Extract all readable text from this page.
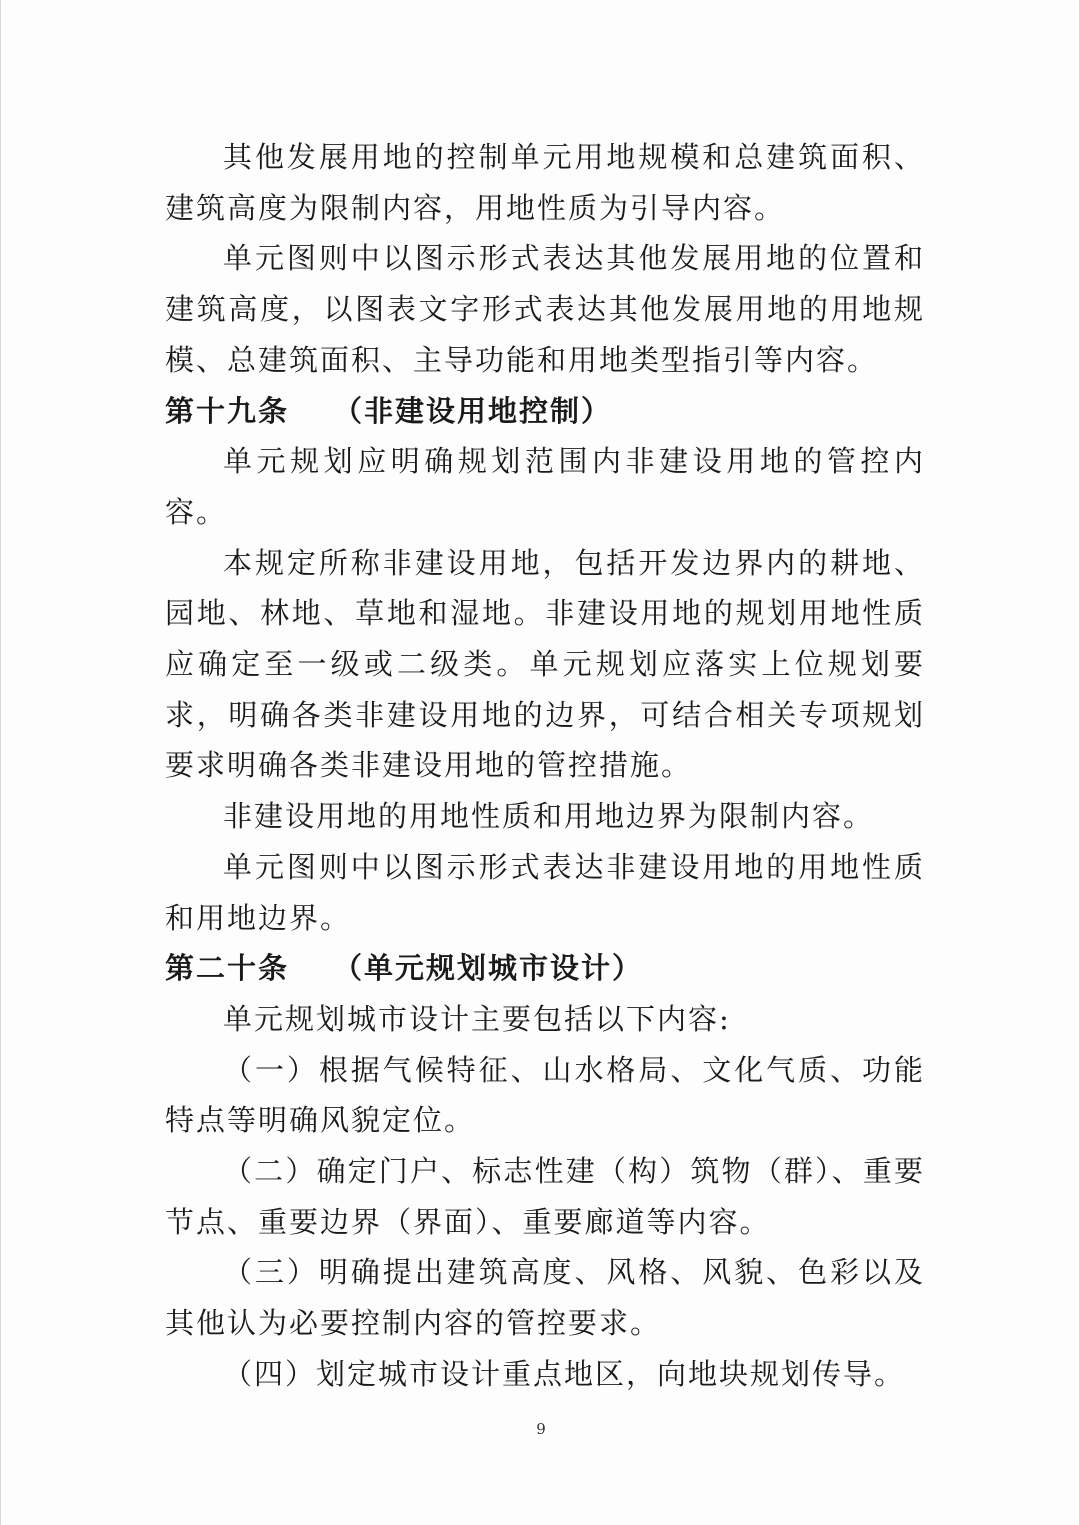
其他发展用地的控制单元用地规模和总建筑面积、建筑高度为限制内容，用地性质为引导内容。

单元图则中以图示形式表达其他发展用地的位置和建筑高度，以图表文字形式表达其他发展用地的用地规模、总建筑面积、主导功能和用地类型指引等内容。

第十九条 （非建设用地控制）

单元规划应明确规划范围内非建设用地的管控内容。

本规定所称非建设用地，包括开发边界内的耕地、园地、林地、草地和湿地。非建设用地的规划用地性质应确定至一级或二级类。单元规划应落实上位规划要求，明确各类非建设用地的边界，可结合相关专项规划要求明确各类非建设用地的管控措施。

非建设用地的用地性质和用地边界为限制内容。

单元图则中以图示形式表达非建设用地的用地性质和用地边界。

第二十条 （单元规划城市设计）

单元规划城市设计主要包括以下内容:

（一）根据气候特征、山水格局、文化气质、功能特点等明确风貌定位。

（二）确定门户、标志性建（构）筑物（群）、重要节点、重要边界（界面）、重要廊道等内容。

（三）明确提出建筑高度、风格、风貌、色彩以及其他认为必要控制内容的管控要求。

（四）划定城市设计重点地区，向地块规划传导。

9
